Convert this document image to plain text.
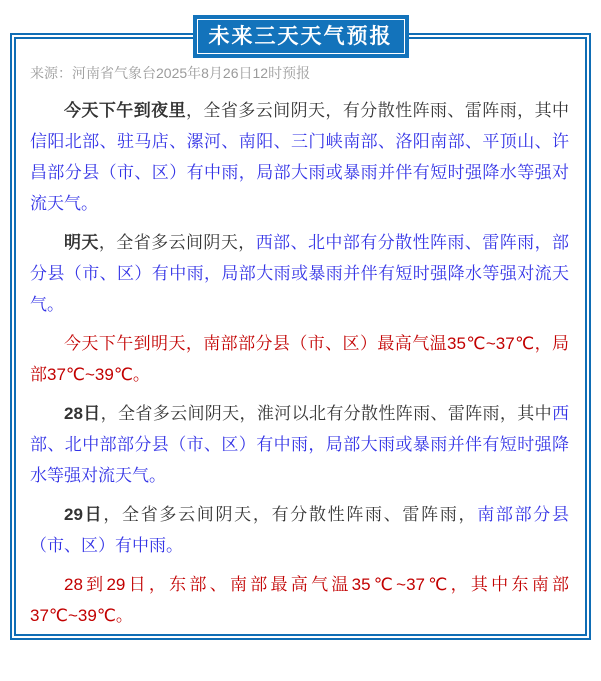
未来三天天气预报

来源：河南省气象台2025年8月26日12时预报

今天下午到夜里，全省多云间阴天，有分散性阵雨、雷阵雨，其中信阳北部、驻马店、漯河、南阳、三门峡南部、洛阳南部、平顶山、许昌部分县（市、区）有中雨，局部大雨或暴雨并伴有短时强降水等强对流天气。

明天，全省多云间阴天，西部、北中部有分散性阵雨、雷阵雨，部分县（市、区）有中雨，局部大雨或暴雨并伴有短时强降水等强对流天气。

今天下午到明天，南部部分县（市、区）最高气温35℃~37℃，局部37℃~39℃。

28日，全省多云间阴天，淮河以北有分散性阵雨、雷阵雨，其中西部、北中部部分县（市、区）有中雨，局部大雨或暴雨并伴有短时强降水等强对流天气。

29日，全省多云间阴天，有分散性阵雨、雷阵雨，南部部分县（市、区）有中雨。

28到29日，东部、南部最高气温35℃~37℃，其中东南部37℃~39℃。
